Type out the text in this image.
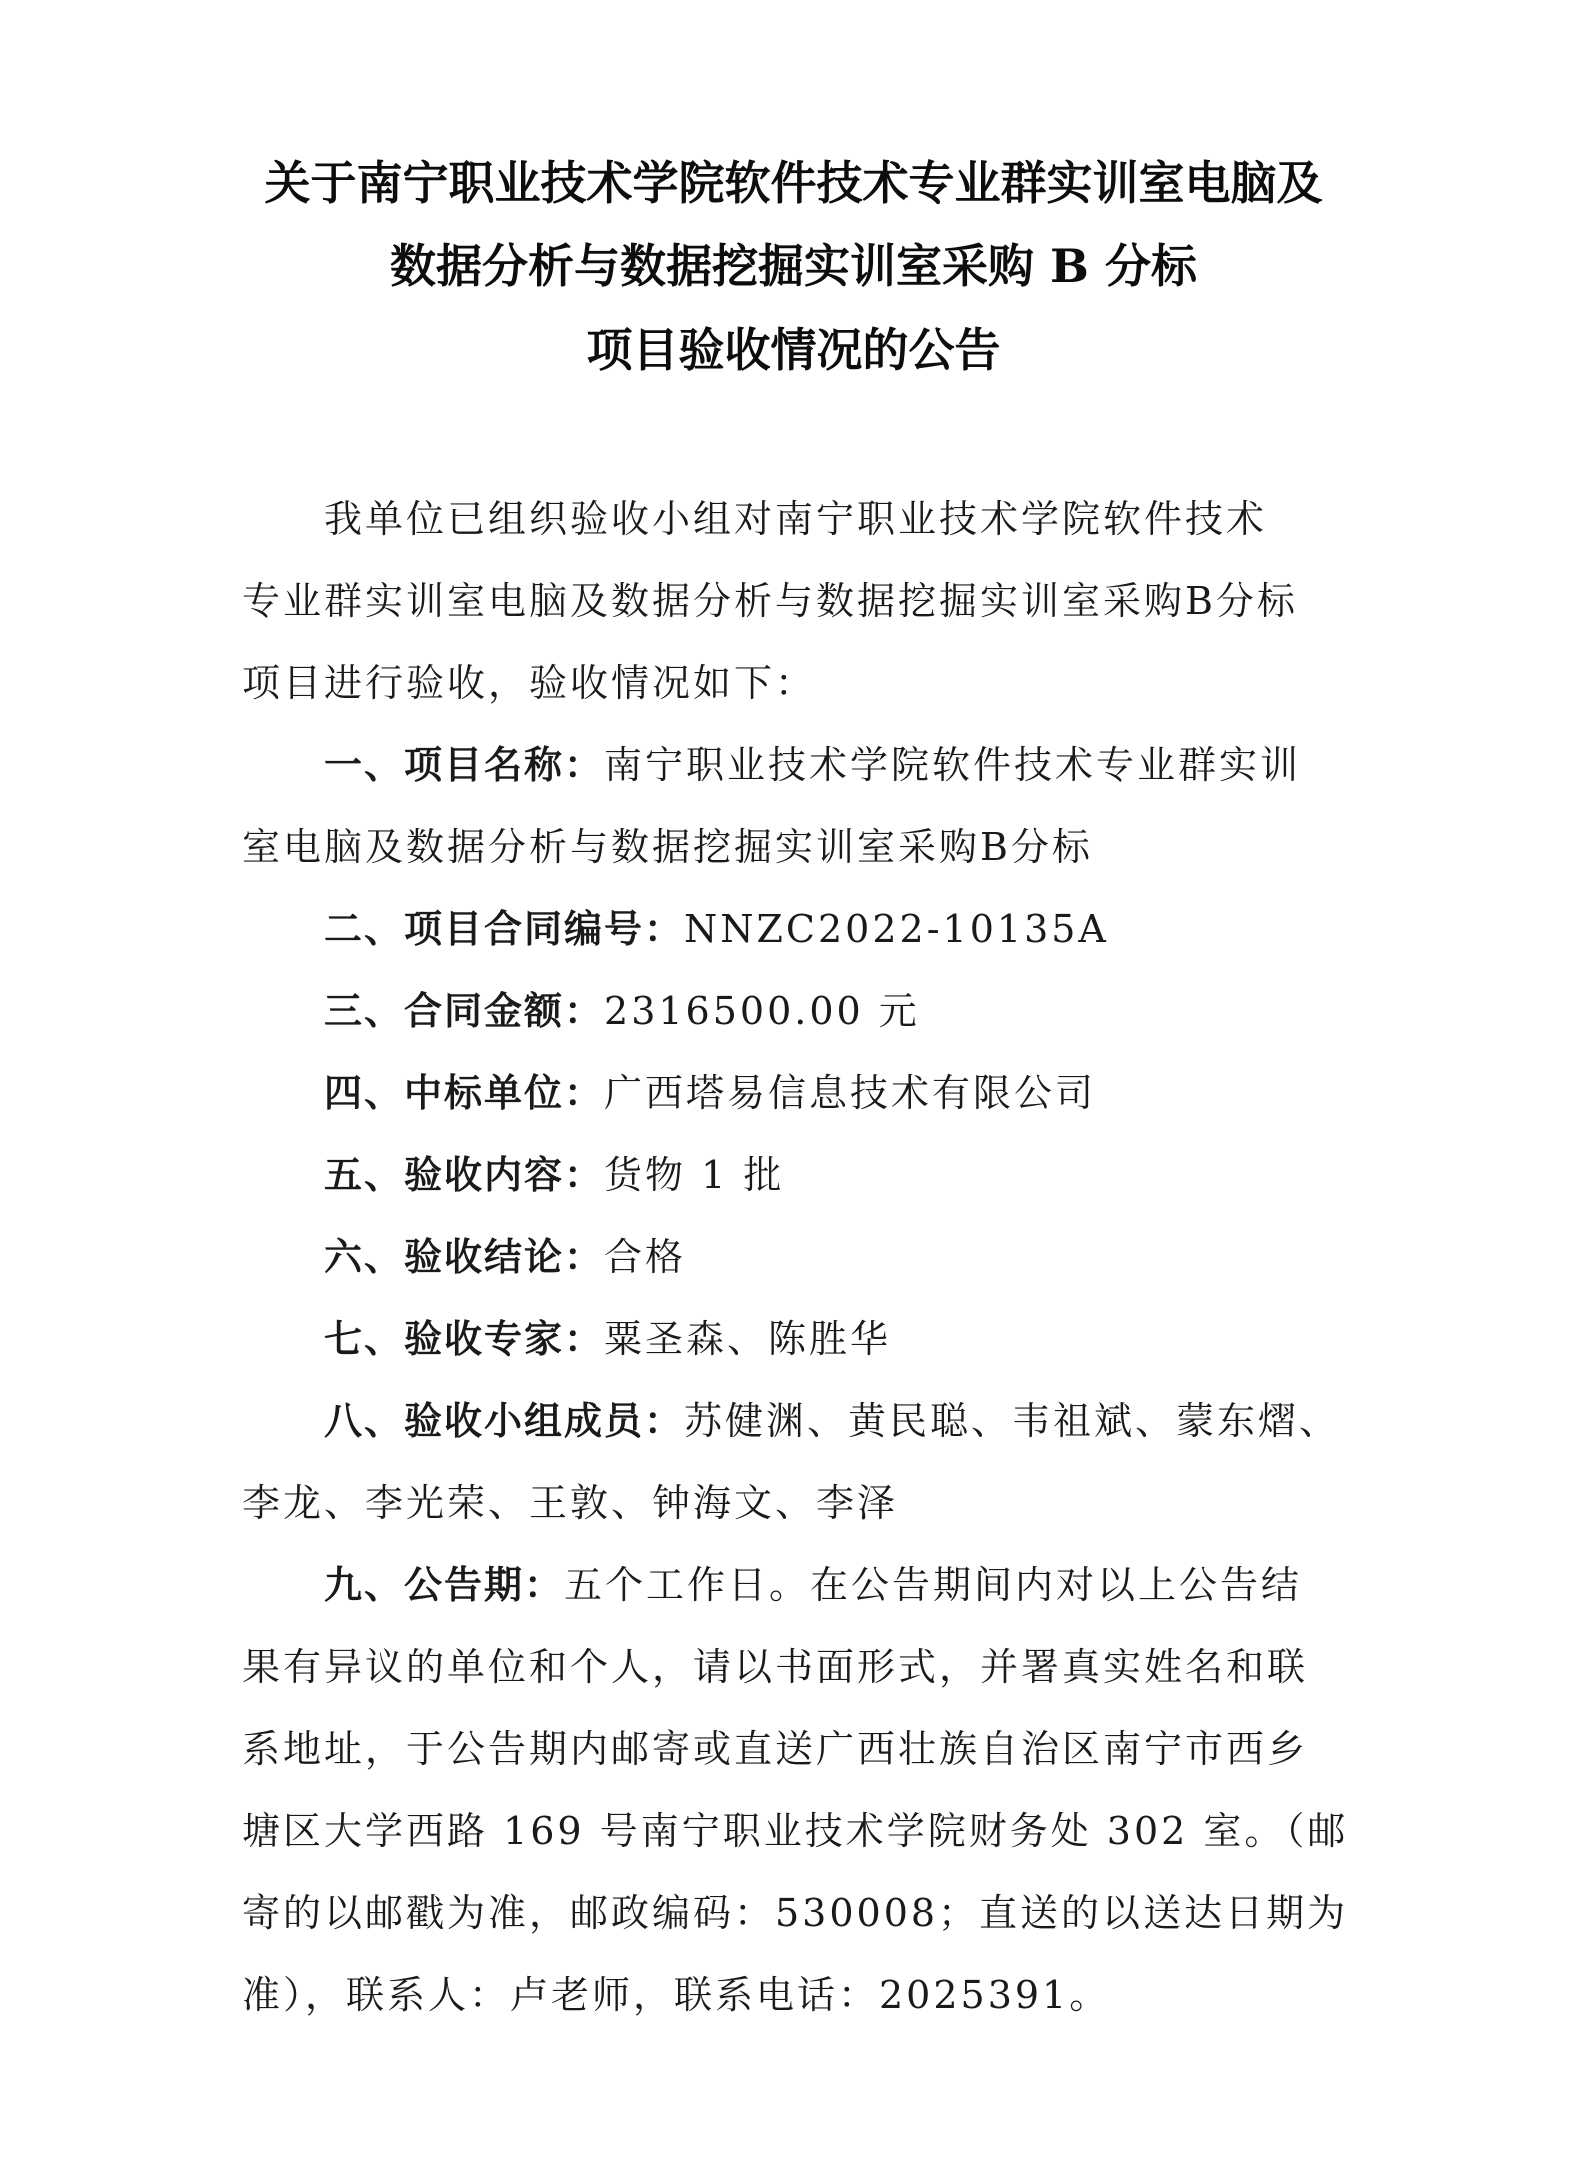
关于南宁职业技术学院软件技术专业群实训室电脑及
数据分析与数据挖掘实训室采购 B 分标
项目验收情况的公告
我单位已组织验收小组对南宁职业技术学院软件技术
专业群实训室电脑及数据分析与数据挖掘实训室采购B分标
项目进行验收，验收情况如下：
一、项目名称：南宁职业技术学院软件技术专业群实训
室电脑及数据分析与数据挖掘实训室采购B分标
二、项目合同编号：NNZC2022-10135A
三、合同金额：2316500.00 元
四、中标单位：广西塔易信息技术有限公司
五、验收内容：货物 1 批
六、验收结论：合格
七、验收专家：粟圣森、陈胜华
八、验收小组成员：苏健渊、黄民聪、韦祖斌、蒙东熠、
李龙、李光荣、王敦、钟海文、李泽
九、公告期：五个工作日。在公告期间内对以上公告结
果有异议的单位和个人，请以书面形式，并署真实姓名和联
系地址，于公告期内邮寄或直送广西壮族自治区南宁市西乡
塘区大学西路 169 号南宁职业技术学院财务处 302 室。（邮
寄的以邮戳为准，邮政编码：530008；直送的以送达日期为
准），联系人：卢老师，联系电话：2025391。
